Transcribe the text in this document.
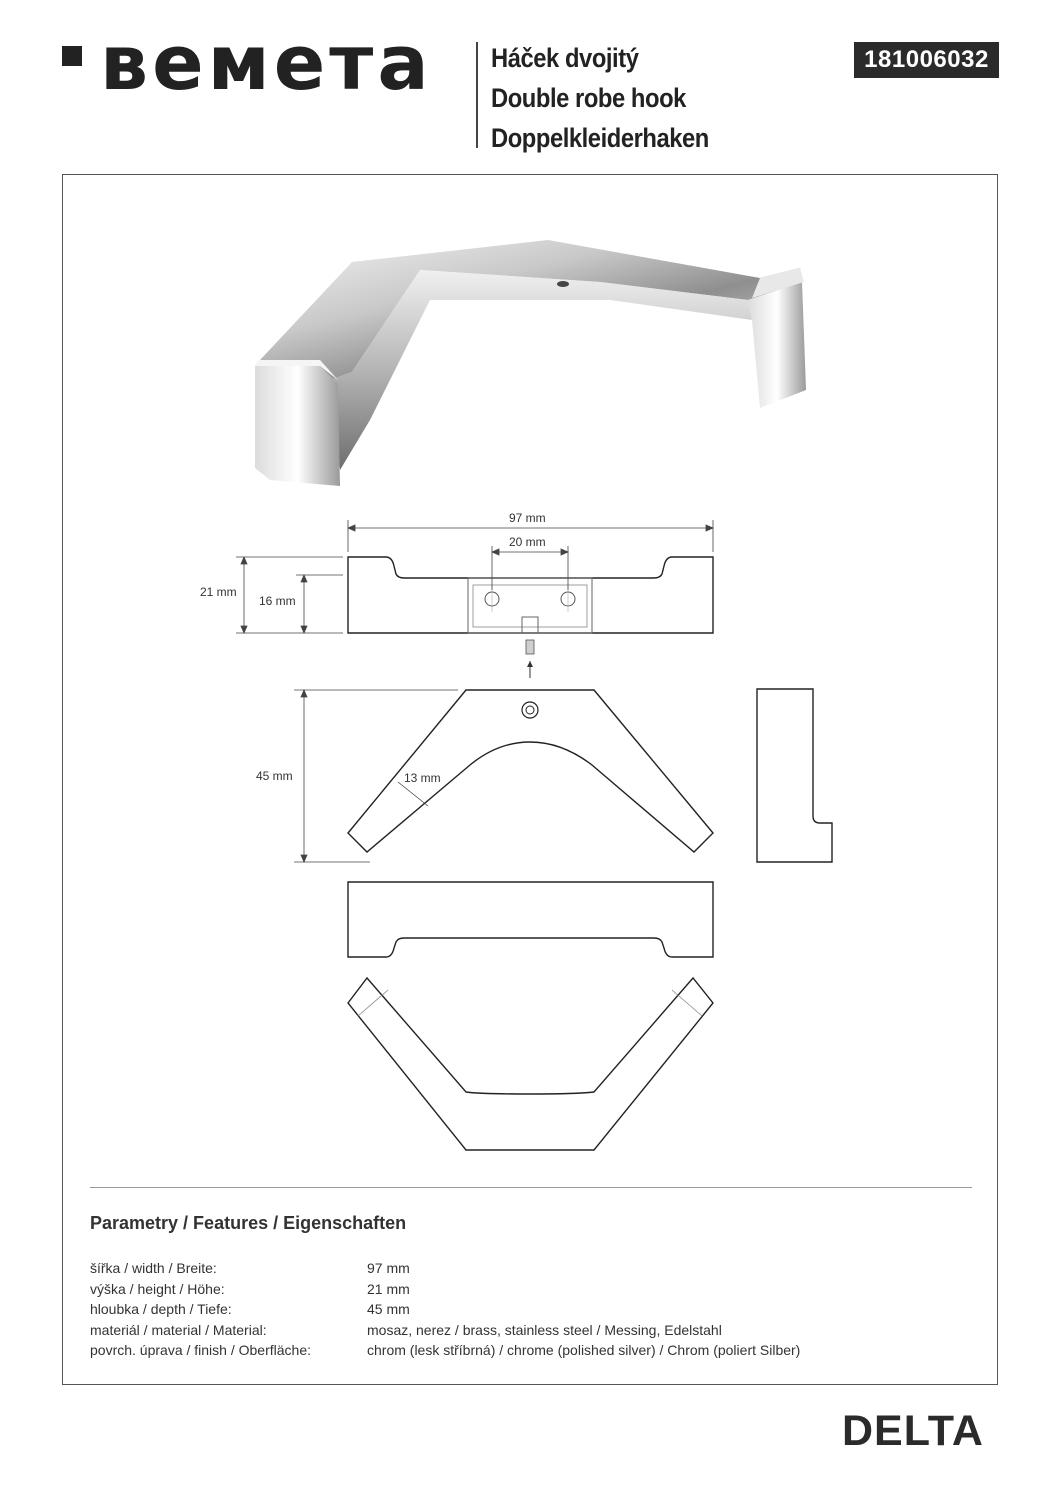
ʙeмeтa Háček dvojitý
Double robe hook
Doppelkleiderhaken
181006032
97 mm
20 mm
21 mm
16 mm
45 mm	13 mm
Parametry / Features / Eigenschaften
šířka / width / Breite:	97 mm
výška / height / Höhe:	21 mm
hloubka / depth / Tiefe:	45 mm
materiál / material / Material:	mosaz, nerez / brass, stainless steel / Messing, Edelstahl
povrch. úprava / finish / Oberfläche:	chrom (lesk stříbrná) / chrome (polished silver) / Chrom (poliert Silber)
DELTA
